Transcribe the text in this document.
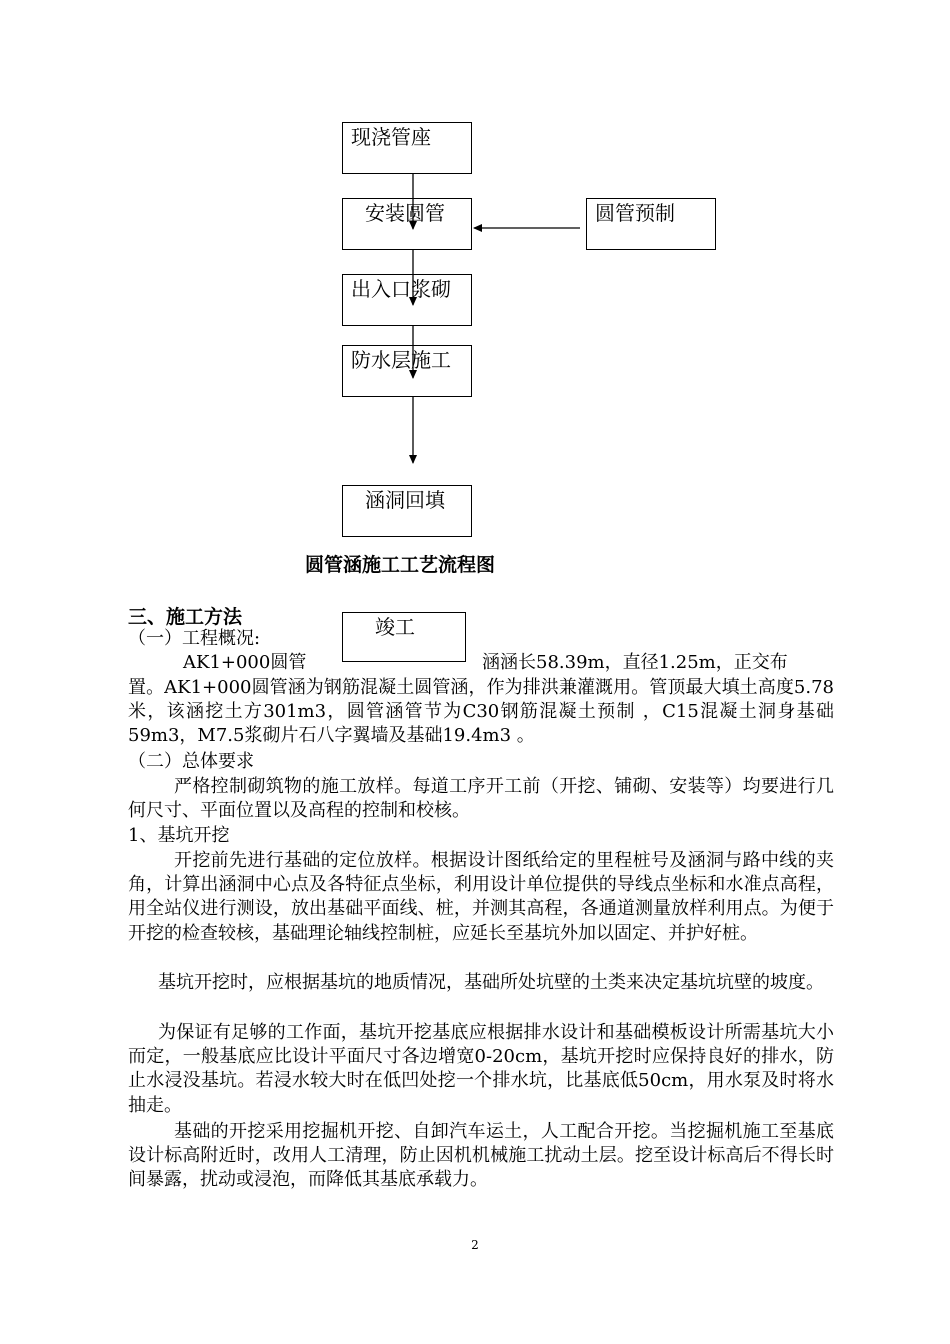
现浇管座
安装圆管	圆管预制
出入口浆砌
防水层施工
涵洞回填
竣工
圆管涵施工工艺流程图
三、施工方法
（一）工程概况:
AK1+000圆管	涵涵长58.39m，直径1.25m，正交布
置。AK1+000圆管涵为钢筋混凝土圆管涵，作为排洪兼灌溉用。管顶最大填土高度5.78米，该涵挖土方301m3，圆管涵管节为C30钢筋混凝土预制 ，C15混凝土洞身基础59m3，M7.5浆砌片石八字翼墙及基础19.4m3 。
（二）总体要求
严格控制砌筑物的施工放样。每道工序开工前（开挖、铺砌、安装等）均要进行几何尺寸、平面位置以及高程的控制和校核。
1、基坑开挖
开挖前先进行基础的定位放样。根据设计图纸给定的里程桩号及涵洞与路中线的夹角，计算出涵洞中心点及各特征点坐标，利用设计单位提供的导线点坐标和水准点高程，用全站仪进行测设，放出基础平面线、桩，并测其高程，各通道测量放样利用点。为便于开挖的检查较核，基础理论轴线控制桩，应延长至基坑外加以固定、并护好桩。
基坑开挖时，应根据基坑的地质情况，基础所处坑壁的土类来决定基坑坑壁的坡度。
为保证有足够的工作面，基坑开挖基底应根据排水设计和基础模板设计所需基坑大小而定，一般基底应比设计平面尺寸各边增宽0-20cm，基坑开挖时应保持良好的排水，防止水浸没基坑。若浸水较大时在低凹处挖一个排水坑，比基底低50cm，用水泵及时将水抽走。
基础的开挖采用挖掘机开挖、自卸汽车运土，人工配合开挖。当挖掘机施工至基底设计标高附近时，改用人工清理，防止因机机械施工扰动土层。挖至设计标高后不得长时间暴露，扰动或浸泡，而降低其基底承载力。
2
